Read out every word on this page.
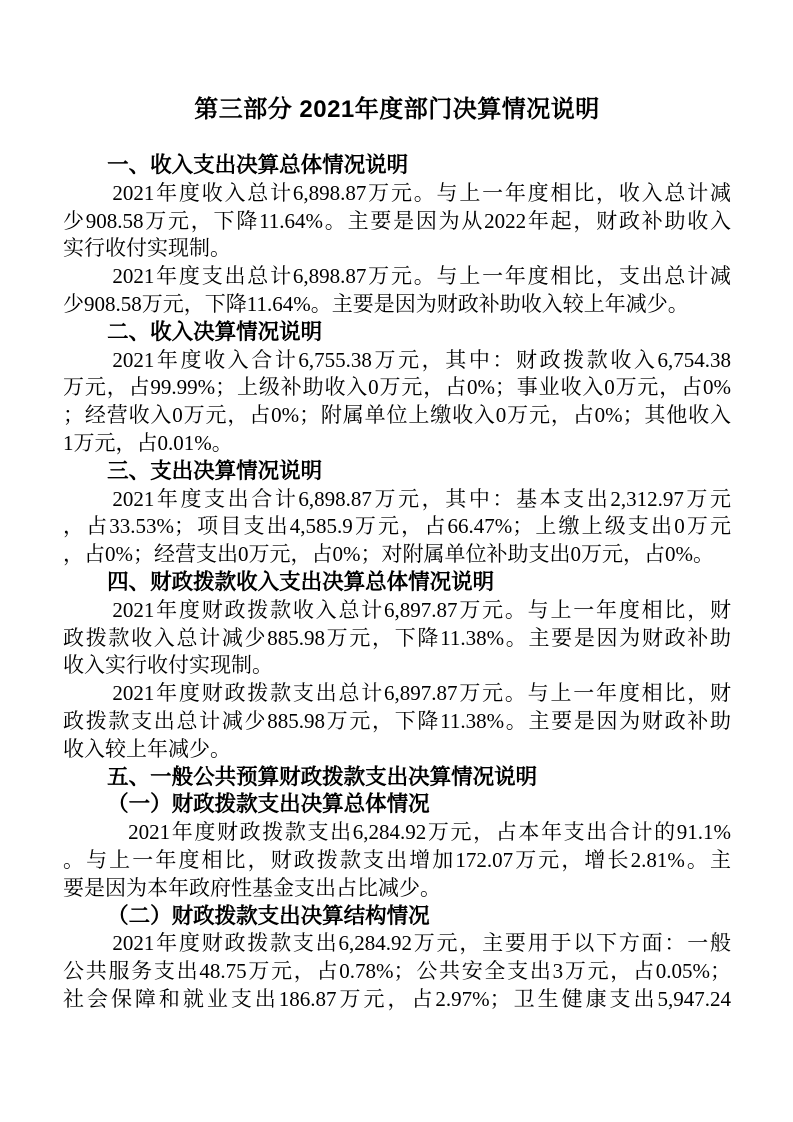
第三部分 2021年度部门决算情况说明
一、收入支出决算总体情况说明
2021年度收入总计6,898.87万元。与上一年度相比，收入总计减
少908.58万元，下降11.64%。主要是因为从2022年起，财政补助收入
实行收付实现制。
2021年度支出总计6,898.87万元。与上一年度相比，支出总计减
少908.58万元，下降11.64%。主要是因为财政补助收入较上年减少。
二、收入决算情况说明
2021年度收入合计6,755.38万元，其中：财政拨款收入6,754.38
万元，占99.99%；上级补助收入0万元，占0%；事业收入0万元，占0%
；经营收入0万元，占0%；附属单位上缴收入0万元，占0%；其他收入
1万元，占0.01%。
三、支出决算情况说明
2021年度支出合计6,898.87万元，其中：基本支出2,312.97万元
，占33.53%；项目支出4,585.9万元，占66.47%；上缴上级支出0万元
，占0%；经营支出0万元，占0%；对附属单位补助支出0万元，占0%。
四、财政拨款收入支出决算总体情况说明
2021年度财政拨款收入总计6,897.87万元。与上一年度相比，财
政拨款收入总计减少885.98万元，下降11.38%。主要是因为财政补助
收入实行收付实现制。
2021年度财政拨款支出总计6,897.87万元。与上一年度相比，财
政拨款支出总计减少885.98万元，下降11.38%。主要是因为财政补助
收入较上年减少。
五、一般公共预算财政拨款支出决算情况说明
（一）财政拨款支出决算总体情况
2021年度财政拨款支出6,284.92万元，占本年支出合计的91.1%
。与上一年度相比，财政拨款支出增加172.07万元，增长2.81%。主
要是因为本年政府性基金支出占比减少。
（二）财政拨款支出决算结构情况
2021年度财政拨款支出6,284.92万元，主要用于以下方面：一般
公共服务支出48.75万元，占0.78%；公共安全支出3万元，占0.05%；
社会保障和就业支出186.87万元，占2.97%；卫生健康支出5,947.24
